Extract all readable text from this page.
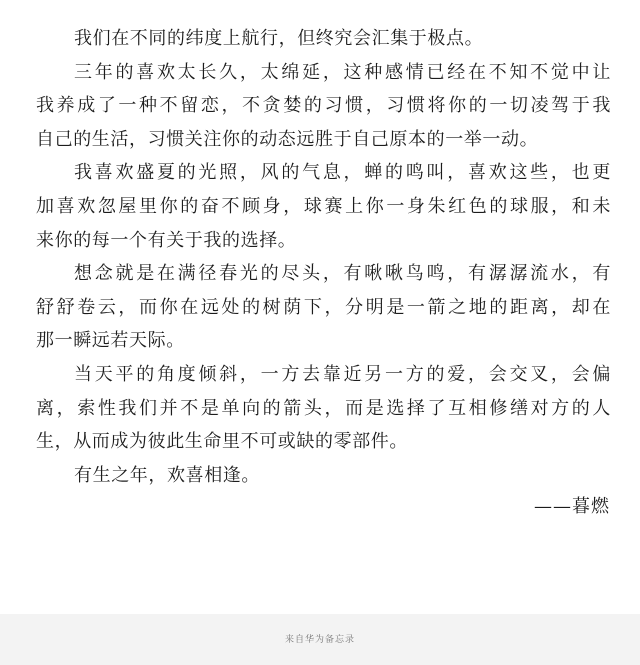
我们在不同的纬度上航行，但终究会汇集于极点。
三年的喜欢太长久，太绵延，这种感情已经在不知不觉中让
我养成了一种不留恋，不贪婪的习惯，习惯将你的一切凌驾于我
自己的生活，习惯关注你的动态远胜于自己原本的一举一动。
我喜欢盛夏的光照，风的气息，蝉的鸣叫，喜欢这些，也更
加喜欢忽屋里你的奋不顾身，球赛上你一身朱红色的球服，和未
来你的每一个有关于我的选择。
想念就是在满径春光的尽头，有啾啾鸟鸣，有潺潺流水，有
舒舒卷云，而你在远处的树荫下，分明是一箭之地的距离，却在
那一瞬远若天际。
当天平的角度倾斜，一方去靠近另一方的爱，会交叉，会偏
离，索性我们并不是单向的箭头，而是选择了互相修缮对方的人
生，从而成为彼此生命里不可或缺的零部件。
有生之年，欢喜相逢。
——暮燃
来自华为备忘录
